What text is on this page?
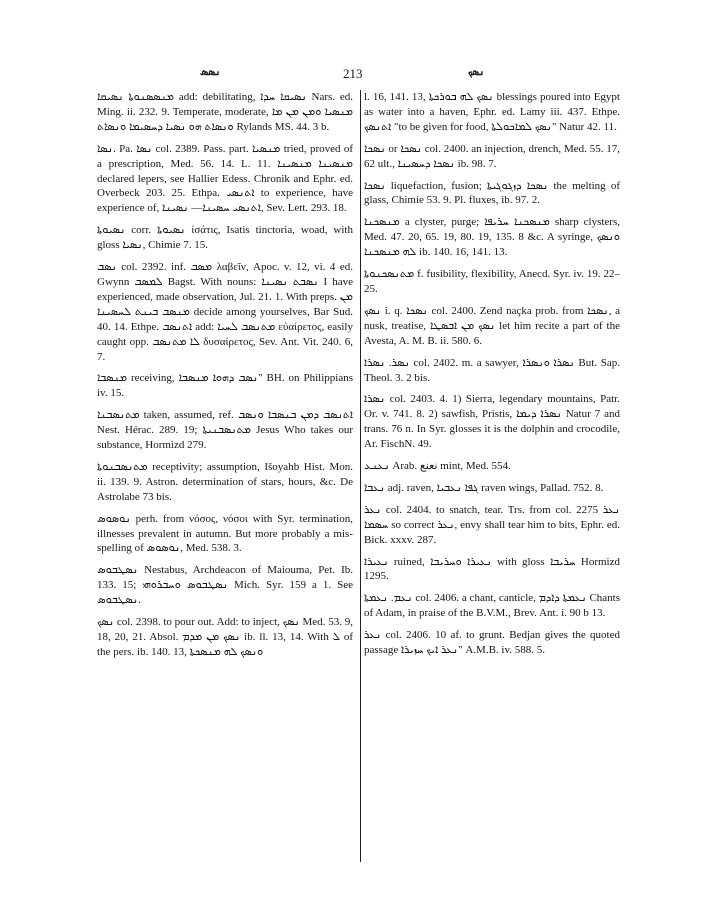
ܢܣܣ	213	ܢܣܟ

ܡܢܣܣܢܘܬܐ ܢܣܝܩܐ add: debilitating, ܢܣܝܩܐ ܚܕܐ Nars. ed. Ming. ii. 232. 9. Temperate, moderate, ܡܢܣܝܐ ܘܡܢ ܡܢ ܡܐ ܘܢܣܐܬ ܗܘ ܢܣܝܐ ܕܚܣܝܡܐ ܘܢܣܐܬ Rylands MS. 44. 3 b.

ܢܣܐ. Pa. ܢܣܐ col. 2389. Pass. part. ܡܢܣܝܐ tried, proved of a prescription, Med. 56. 14. L. 11. ܡܢܣܝܢܐ ܡܢܣܝܢܐ declared lepers, see Hallier Edess. Chronik and Ephr. ed. Overbeck 203. 25. Ethpa. ܐܬܢܣܝ to experience, have experience of, ܐܬܢܣܝ ܚܣܝܢܐ— ܢܣܝܢܐ, Sev. Lett. 293. 18.

ܢܣܝܘܬܐ corr. ܢܣܝܘܬܐ ἰσάτις, Isatis tinctoria, woad, with gloss ܢܣܝܐ, Chimie 7. 15.

ܢܣܒ col. 2392. inf. ܡܣܒ λαβεῖν, Apoc. v. 12, vi. 4 ed. Gwynn ܠܡܣܒ Bagst. With nouns: ܢܣܒܬ ܢܣܝܢܐ I have experienced, made observation, Jul. 21. 1. With preps. ܡܢ ܡܢܣܒ ܒܝܢܬ ܠܚܣܝܢܐ decide among yourselves, Bar Sud. 40. 14. Ethpe. ܐܬܢܣܒ add: ܡܬܢܣܒ ܠܚܝܐ εὐαίρετος, easily caught opp. ܠܐ ܡܬܢܣܒ δυσαίρετος, Sev. Ant. Vit. 240. 6, 7.

ܡܢܣܒܐ receiving, ܢܣܒ ܕܗܘܐ ܡܢܣܒܐ" BH. on Philippians iv. 15.

ܡܬܢܣܒܢܐ taken, assumed, ref. ܐܬܢܣܒ ܕܡܢ ܒܢܣܒܐ ܘܢܣܒ Nest. Hérac. 289. 19; ܡܬܢܣܒܢܝܬܐ Jesus Who takes our substance, Hormizd 279.

ܡܬܢܣܒܢܘܬܐ receptivity; assumption, Išoyahb Hist. Mon. ii. 139. 9. Astron. determination of stars, hours, &c. De Astrolabe 73 bis.

ܢܘܣܘܣ perh. from νόσος, νόσοι with Syr. termination, illnesses prevalent in autumn. But more probably a mis-spelling of ܢܘܣܘܣ, Med. 538. 3.

ܢܣܛܒܘܣ Nestabus, Archdeacon of Maiouma, Pet. Ib. 133. 15; ܢܣܛܒܘܣ ܘܚܒܪܘܗܝ Mich. Syr. 159 a 1. See ܢܣܛܒܘܣ.

ܢܣܟ col. 2398. to pour out. Add: to inject, ܢܣܟ Med. 53. 9, 18, 20, 21. Absol. ܢܣܟ ܡܢ ܡܕܡ ib. ll. 13, 14. With ܠ of the pers. ib. 140. 13, ܘܢܣܟ ܠܗ ܡܢܣܟܬܐ

l. 16, 141. 13, ܢܣܟ ܠܗ ܒܘܪܟܬܐ blessings poured into Egypt as water into a haven, Ephr. ed. Lamy iii. 437. Ethpe. ܐܬܢܣܟ "to be given for food, ܢܣܟ ܠܡܐܟܘܠܬܐ" Natur 42. 11.

ܢܣܟܐ or ܢܣܟܐ col. 2400. an injection, drench, Med. 55. 17, 62 ult., ܢܣܟܐ ܕܚܣܝܢܐ ib. 98. 7.

ܢܣܟܐ liquefaction, fusion; ܢܣܟܐ ܕܙܓܘܓܝܬܐ the melting of glass, Chimie 53. 9. Pl. fluxes, ib. 97. 2.

ܡܢܣܟܢܐ a clyster, purge; ܡܢܣܟܢܐ ܚܪܝܦܐ sharp clysters, Med. 47. 20, 65. 19, 80. 19, 135. 8 &c. A syringe, ܘܢܣܟ ܠܗ ܡܢܣܟܢܐ ib. 140. 16, 141. 13.

ܡܬܢܣܟܢܘܬܐ f. fusibility, flexibility, Anecd. Syr. iv. 19. 22–25.

ܢܣܟ i. q. ܢܣܟܐ col. 2400. Zend naçka prob. from ܢܣܟܐ, a nusk, treatise, ܢܣܟ ܡܢ ܐܒܣܛܐ let him recite a part of the Avesta, A. M. B. ii. 580. 6.

ܢܣܪ. ܢܣܪܐ col. 2402. m. a sawyer, ܢܣܪܐ ܘܢܣܪܐ But. Sap. Theol. 3. 2 bis.

ܢܣܪܐ col. 2403. 4. 1) Sierra, legendary mountains, Patr. Or. v. 741. 8. 2) sawfish, Pristis, ܢܣܪܐ ܕܝܡܐ Natur 7 and trans. 76 n. In Syr. glosses it is the dolphin and crocodile, Ar. FischN. 49.

ܢܥܢܥ Arab. نعنع mint, Med. 554.

ܢܥܒܐ adj. raven, ܓܦܐ ܢܥܒܝܐ raven wings, Pallad. 752. 8.

ܢܥܪ col. 2404. to snatch, tear. Trs. from col. 2275 ܢܥܪ ܚܣܡܐ so correct ܢܥܪ, envy shall tear him to bits, Ephr. ed. Bick. xxxv. 287.

ܢܥܝܪܐ ruined, ܢܥܝܪܐ ܘܚܪܝܒܐ with gloss ܚܪܝܒܐ Hormizd 1295.

ܢܥܡ. ܢܥܡܬܐ col. 2406. a chant, canticle, ܢܥܡܬܐ ܕܐܕܡ Chants of Adam, in praise of the B.V.M., Brev. Ant. i. 90 b 13.

ܢܥܪ col. 2406. 10 af. to grunt. Bedjan gives the quoted passage ܢܥܪ ܐܝܟ ܚܙܝܪܐ" A.M.B. iv. 588. 5.
